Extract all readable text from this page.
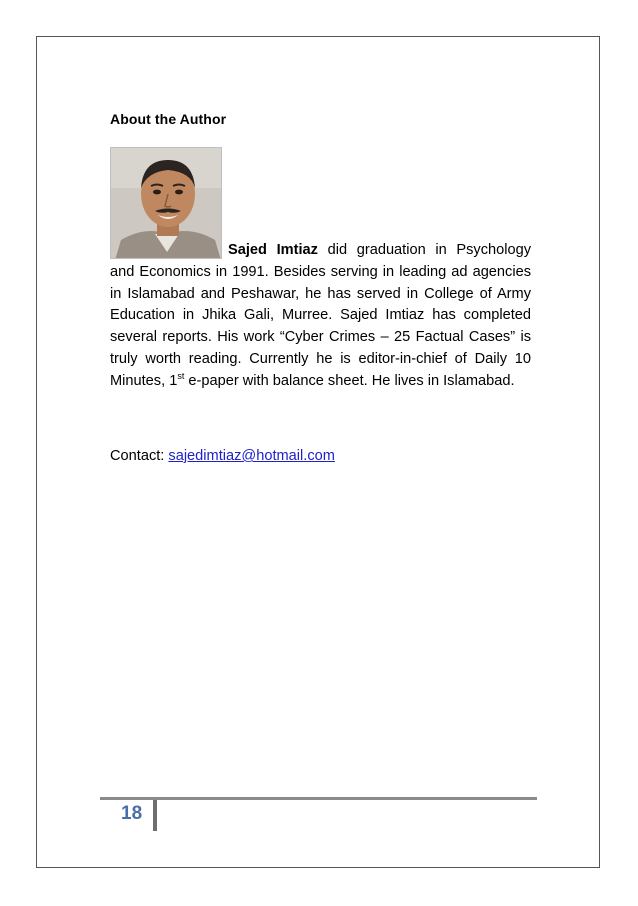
About the Author

Sajed Imtiaz did graduation in Psychology and Economics in 1991. Besides serving in leading ad agencies in Islamabad and Peshawar, he has served in College of Army Education in Jhika Gali, Murree. Sajed Imtiaz has completed several reports. His work “Cyber Crimes – 25 Factual Cases” is truly worth reading. Currently he is editor-in-chief of Daily 10 Minutes, 1st e-paper with balance sheet. He lives in Islamabad.

Contact: sajedimtiaz@hotmail.com

18
